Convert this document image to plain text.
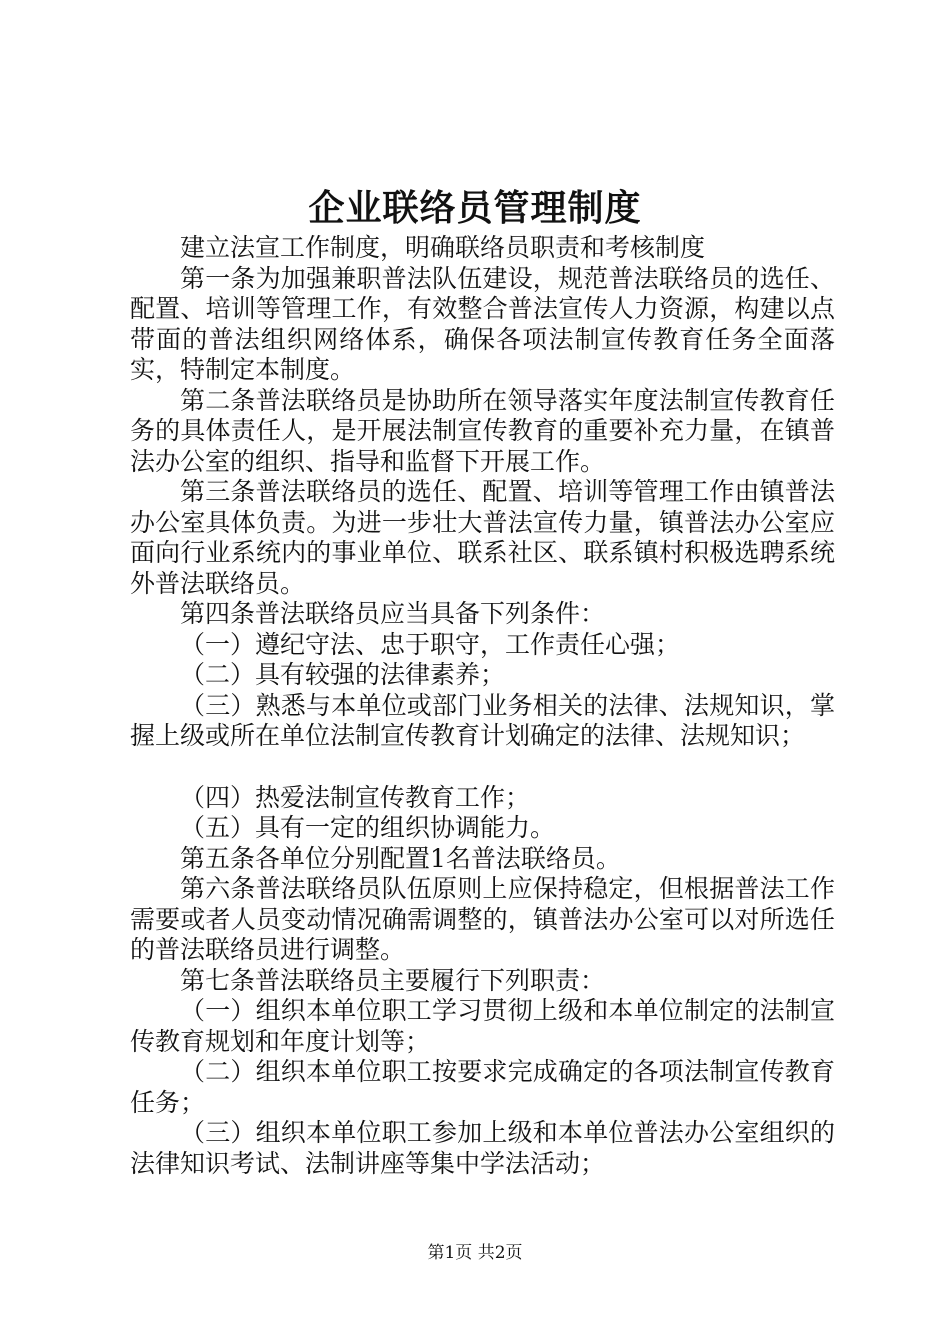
企业联络员管理制度

建立法宣工作制度，明确联络员职责和考核制度

第一条为加强兼职普法队伍建设，规范普法联络员的选任、配置、培训等管理工作，有效整合普法宣传人力资源，构建以点带面的普法组织网络体系，确保各项法制宣传教育任务全面落实，特制定本制度。

第二条普法联络员是协助所在领导落实年度法制宣传教育任务的具体责任人，是开展法制宣传教育的重要补充力量，在镇普法办公室的组织、指导和监督下开展工作。

第三条普法联络员的选任、配置、培训等管理工作由镇普法办公室具体负责。为进一步壮大普法宣传力量，镇普法办公室应面向行业系统内的事业单位、联系社区、联系镇村积极选聘系统外普法联络员。

第四条普法联络员应当具备下列条件：

（一）遵纪守法、忠于职守，工作责任心强；

（二）具有较强的法律素养；

（三）熟悉与本单位或部门业务相关的法律、法规知识，掌握上级或所在单位法制宣传教育计划确定的法律、法规知识；

（四）热爱法制宣传教育工作；

（五）具有一定的组织协调能力。

第五条各单位分别配置1名普法联络员。

第六条普法联络员队伍原则上应保持稳定，但根据普法工作需要或者人员变动情况确需调整的，镇普法办公室可以对所选任的普法联络员进行调整。

第七条普法联络员主要履行下列职责：

（一）组织本单位职工学习贯彻上级和本单位制定的法制宣传教育规划和年度计划等；

（二）组织本单位职工按要求完成确定的各项法制宣传教育任务；

（三）组织本单位职工参加上级和本单位普法办公室组织的法律知识考试、法制讲座等集中学法活动；

第1页 共2页
